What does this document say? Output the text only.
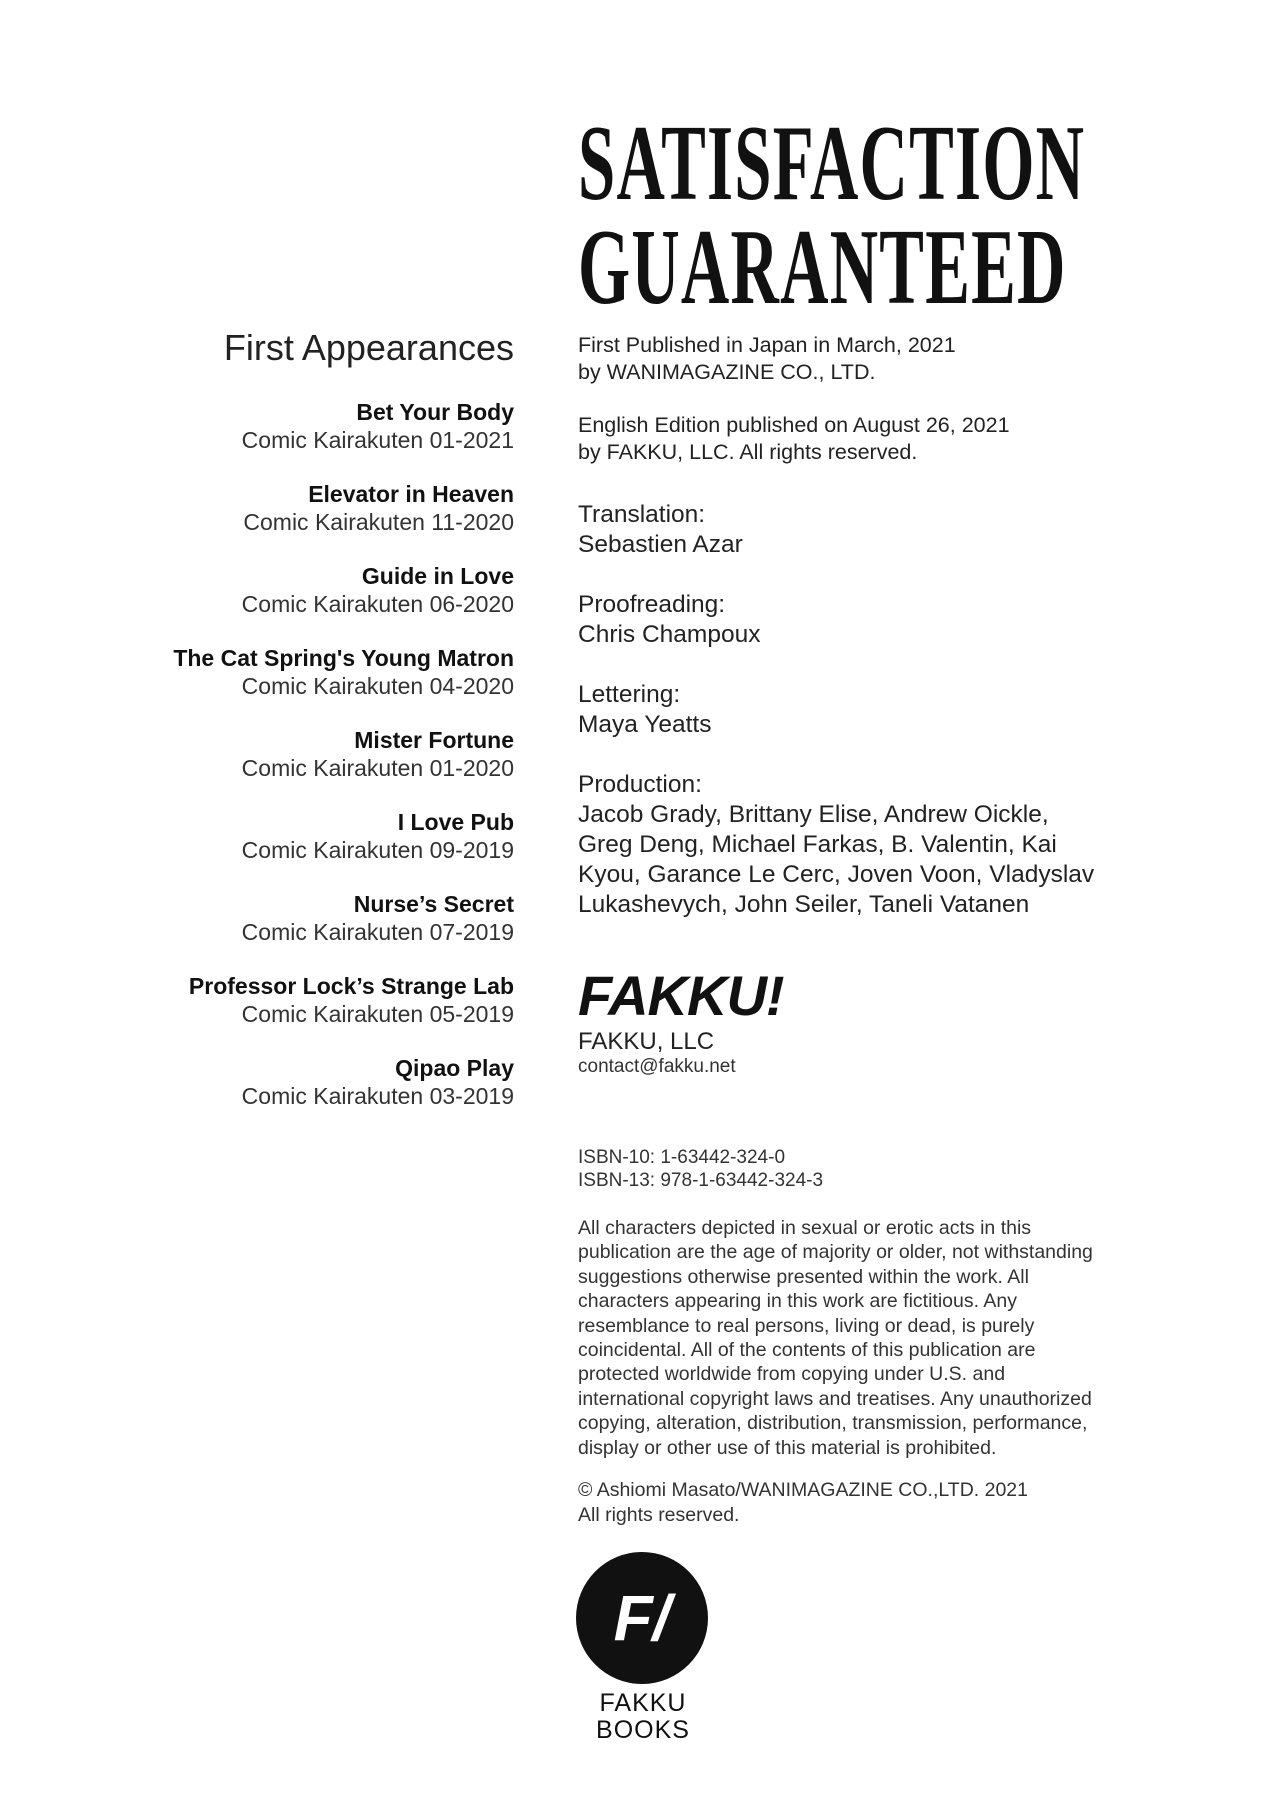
SATISFACTION
GUARANTEED
First Appearances
Bet Your Body
Comic Kairakuten 01-2021
Elevator in Heaven
Comic Kairakuten 11-2020
Guide in Love
Comic Kairakuten 06-2020
The Cat Spring's Young Matron
Comic Kairakuten 04-2020
Mister Fortune
Comic Kairakuten 01-2020
I Love Pub
Comic Kairakuten 09-2019
Nurse’s Secret
Comic Kairakuten 07-2019
Professor Lock’s Strange Lab
Comic Kairakuten 05-2019
Qipao Play
Comic Kairakuten 03-2019
First Published in Japan in March, 2021
by WANIMAGAZINE CO., LTD.
English Edition published on August 26, 2021
by FAKKU, LLC. All rights reserved.
Translation:
Sebastien Azar
Proofreading:
Chris Champoux
Lettering:
Maya Yeatts
Production:
Jacob Grady, Brittany Elise, Andrew Oickle,
Greg Deng, Michael Farkas, B. Valentin, Kai
Kyou, Garance Le Cerc, Joven Voon, Vladyslav
Lukashevych, John Seiler, Taneli Vatanen
FAKKU!
FAKKU, LLC
contact@fakku.net
ISBN-10: 1-63442-324-0
ISBN-13: 978-1-63442-324-3
All characters depicted in sexual or erotic acts in this
publication are the age of majority or older, not withstanding
suggestions otherwise presented within the work. All
characters appearing in this work are fictitious. Any
resemblance to real persons, living or dead, is purely
coincidental. All of the contents of this publication are
protected worldwide from copying under U.S. and
international copyright laws and treatises. Any unauthorized
copying, alteration, distribution, transmission, performance,
display or other use of this material is prohibited.
© Ashiomi Masato/WANIMAGAZINE CO.,LTD. 2021
All rights reserved.
F/
FAKKU
BOOKS
